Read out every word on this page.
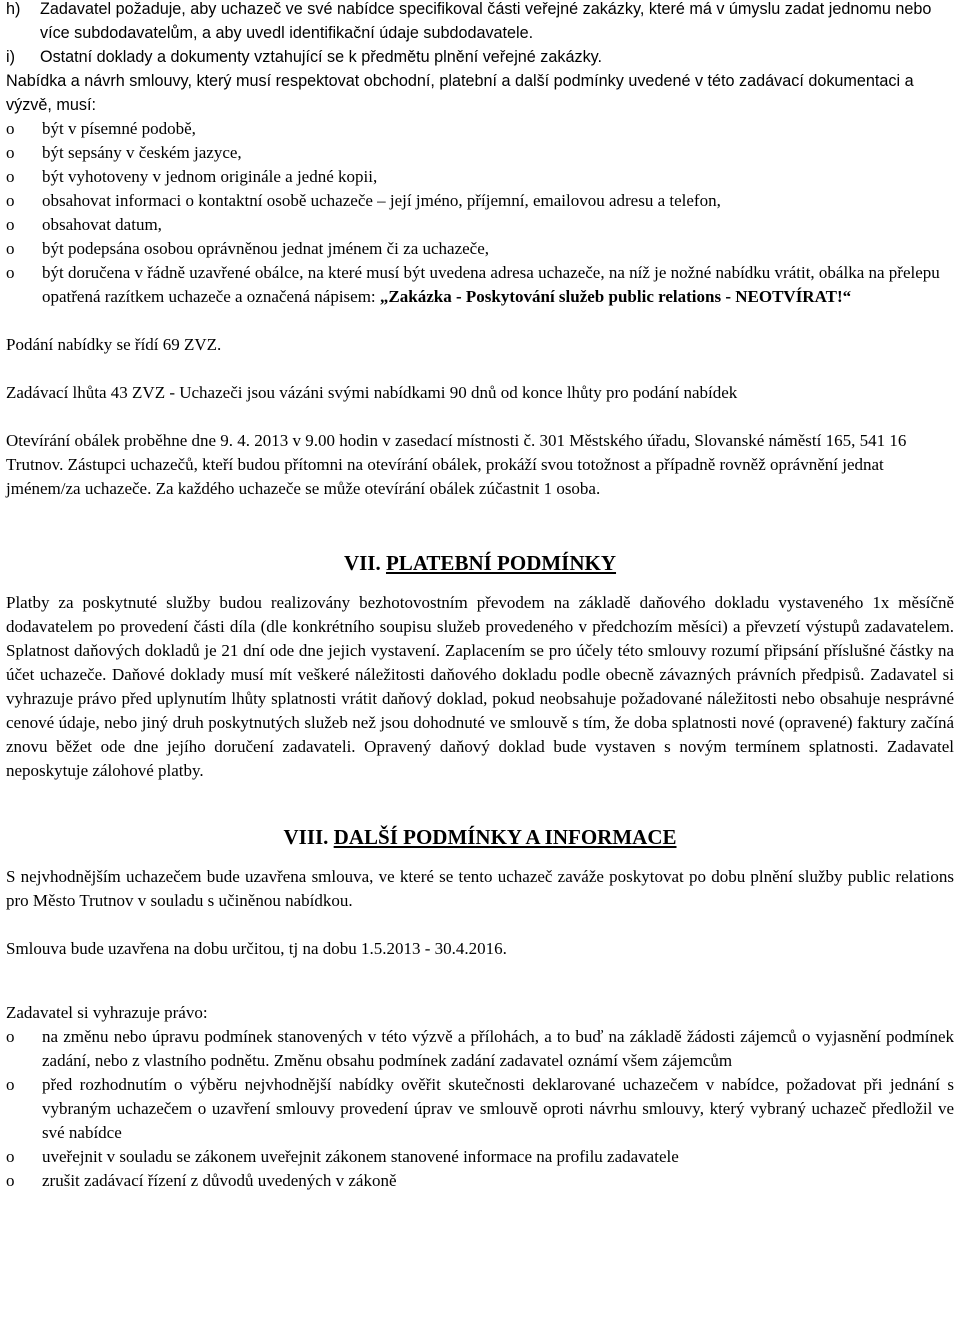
h)	Zadavatel požaduje, aby uchazeč ve své nabídce specifikoval části veřejné zakázky, které má v úmyslu zadat jednomu nebo více subdodavatelům, a aby uvedl identifikační údaje subdodavatele.
i)	Ostatní doklady a dokumenty vztahující se k předmětu plnění veřejné zakázky.

Nabídka a návrh smlouvy, který musí respektovat obchodní, platební a další podmínky uvedené v této zadávací dokumentaci a výzvě, musí:

o	být v písemné podobě,
o	být sepsány v českém jazyce,
o	být vyhotoveny v jednom originále a jedné kopii,
o	obsahovat informaci o kontaktní osobě uchazeče – její jméno, příjemní, emailovou adresu a telefon,
o	obsahovat datum,
o	být podepsána osobou oprávněnou jednat jménem či za uchazeče,
o	být doručena v řádně uzavřené obálce, na které musí být uvedena adresa uchazeče, na níž je nožné nabídku vrátit, obálka na přelepu opatřená razítkem uchazeče a označená nápisem: „Zakázka - Poskytování služeb public relations - NEOTVÍRAT!“

Podání nabídky se řídí 69 ZVZ.

Zadávací lhůta 43 ZVZ - Uchazeči jsou vázáni svými nabídkami 90 dnů od konce lhůty pro podání nabídek

Otevírání obálek proběhne dne 9. 4. 2013 v 9.00 hodin v zasedací místnosti č. 301 Městského úřadu, Slovanské náměstí 165, 541 16 Trutnov. Zástupci uchazečů, kteří budou přítomni na otevírání obálek, prokáží svou totožnost a případně rovněž oprávnění jednat jménem/za uchazeče. Za každého uchazeče se může otevírání obálek zúčastnit 1 osoba.

VII. PLATEBNÍ PODMÍNKY

Platby za poskytnuté služby budou realizovány bezhotovostním převodem na základě daňového dokladu vystaveného 1x měsíčně dodavatelem po provedení části díla (dle konkrétního soupisu služeb provedeného v předchozím měsíci) a převzetí výstupů zadavatelem. Splatnost daňových dokladů je 21 dní ode dne jejich vystavení. Zaplacením se pro účely této smlouvy rozumí připsání příslušné částky na účet uchazeče. Daňové doklady musí mít veškeré náležitosti daňového dokladu podle obecně závazných právních předpisů. Zadavatel si vyhrazuje právo před uplynutím lhůty splatnosti vrátit daňový doklad, pokud neobsahuje požadované náležitosti nebo obsahuje nesprávné cenové údaje, nebo jiný druh poskytnutých služeb než jsou dohodnuté ve smlouvě s tím, že doba splatnosti nové (opravené) faktury začíná znovu běžet ode dne jejího doručení zadavateli. Opravený daňový doklad bude vystaven s novým termínem splatnosti. Zadavatel neposkytuje zálohové platby.

VIII. DALŠÍ PODMÍNKY A INFORMACE

S nejvhodnějším uchazečem bude uzavřena smlouva, ve které se tento uchazeč zaváže poskytovat po dobu plnění služby public relations pro Město Trutnov v souladu s učiněnou nabídkou.

Smlouva bude uzavřena na dobu určitou, tj na dobu 1.5.2013 - 30.4.2016.

Zadavatel si vyhrazuje právo:

o	na změnu nebo úpravu podmínek stanovených v této výzvě a přílohách, a to buď na základě žádosti zájemců o vyjasnění podmínek zadání, nebo z vlastního podnětu. Změnu obsahu podmínek zadání zadavatel oznámí všem zájemcům
o	před rozhodnutím o výběru nejvhodnější nabídky ověřit skutečnosti deklarované uchazečem v nabídce, požadovat při jednání s vybraným uchazečem o uzavření smlouvy provedení úprav ve smlouvě oproti návrhu smlouvy, který vybraný uchazeč předložil ve své nabídce
o	uveřejnit v souladu se zákonem uveřejnit zákonem stanovené informace na profilu zadavatele
o	zrušit zadávací řízení z důvodů uvedených v zákoně
